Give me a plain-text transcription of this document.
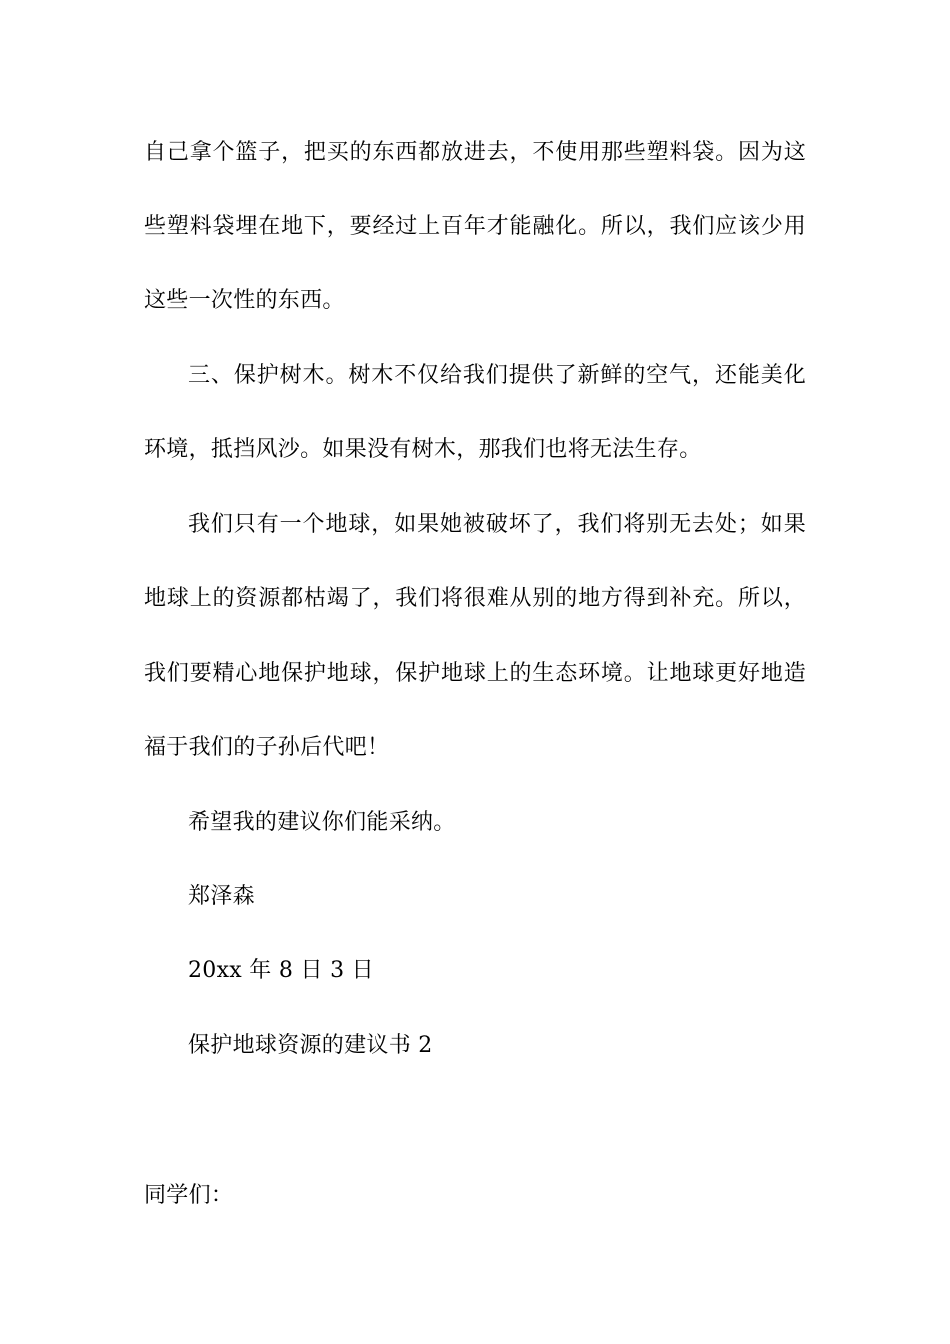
自己拿个篮子，把买的东西都放进去，不使用那些塑料袋。因为这
些塑料袋埋在地下，要经过上百年才能融化。所以，我们应该少用
这些一次性的东西。
三、保护树木。树木不仅给我们提供了新鲜的空气，还能美化
环境，抵挡风沙。如果没有树木，那我们也将无法生存。
我们只有一个地球，如果她被破坏了，我们将别无去处；如果
地球上的资源都枯竭了，我们将很难从别的地方得到补充。所以，
我们要精心地保护地球，保护地球上的生态环境。让地球更好地造
福于我们的子孙后代吧！
希望我的建议你们能采纳。
郑泽森
20xx 年 8 日 3 日
保护地球资源的建议书 2
同学们：
